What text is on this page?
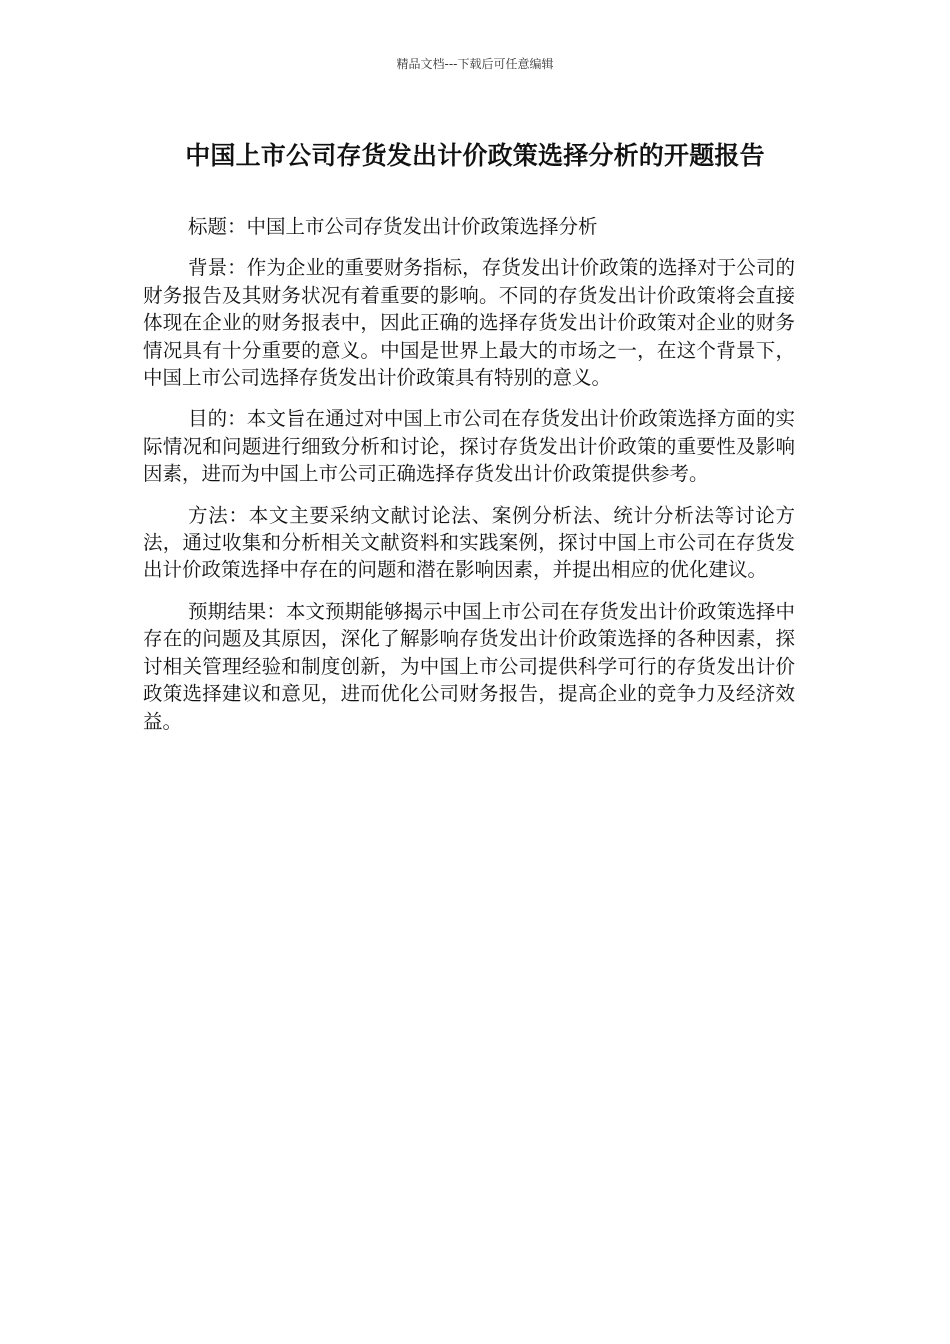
精品文档---下载后可任意编辑
中国上市公司存货发出计价政策选择分析的开题报告

标题：中国上市公司存货发出计价政策选择分析

背景：作为企业的重要财务指标，存货发出计价政策的选择对于公司的财务报告及其财务状况有着重要的影响。不同的存货发出计价政策将会直接体现在企业的财务报表中，因此正确的选择存货发出计价政策对企业的财务情况具有十分重要的意义。中国是世界上最大的市场之一，在这个背景下，中国上市公司选择存货发出计价政策具有特别的意义。

目的：本文旨在通过对中国上市公司在存货发出计价政策选择方面的实际情况和问题进行细致分析和讨论，探讨存货发出计价政策的重要性及影响因素，进而为中国上市公司正确选择存货发出计价政策提供参考。

方法：本文主要采纳文献讨论法、案例分析法、统计分析法等讨论方法，通过收集和分析相关文献资料和实践案例，探讨中国上市公司在存货发出计价政策选择中存在的问题和潜在影响因素，并提出相应的优化建议。

预期结果：本文预期能够揭示中国上市公司在存货发出计价政策选择中存在的问题及其原因，深化了解影响存货发出计价政策选择的各种因素，探讨相关管理经验和制度创新，为中国上市公司提供科学可行的存货发出计价政策选择建议和意见，进而优化公司财务报告，提高企业的竞争力及经济效益。
